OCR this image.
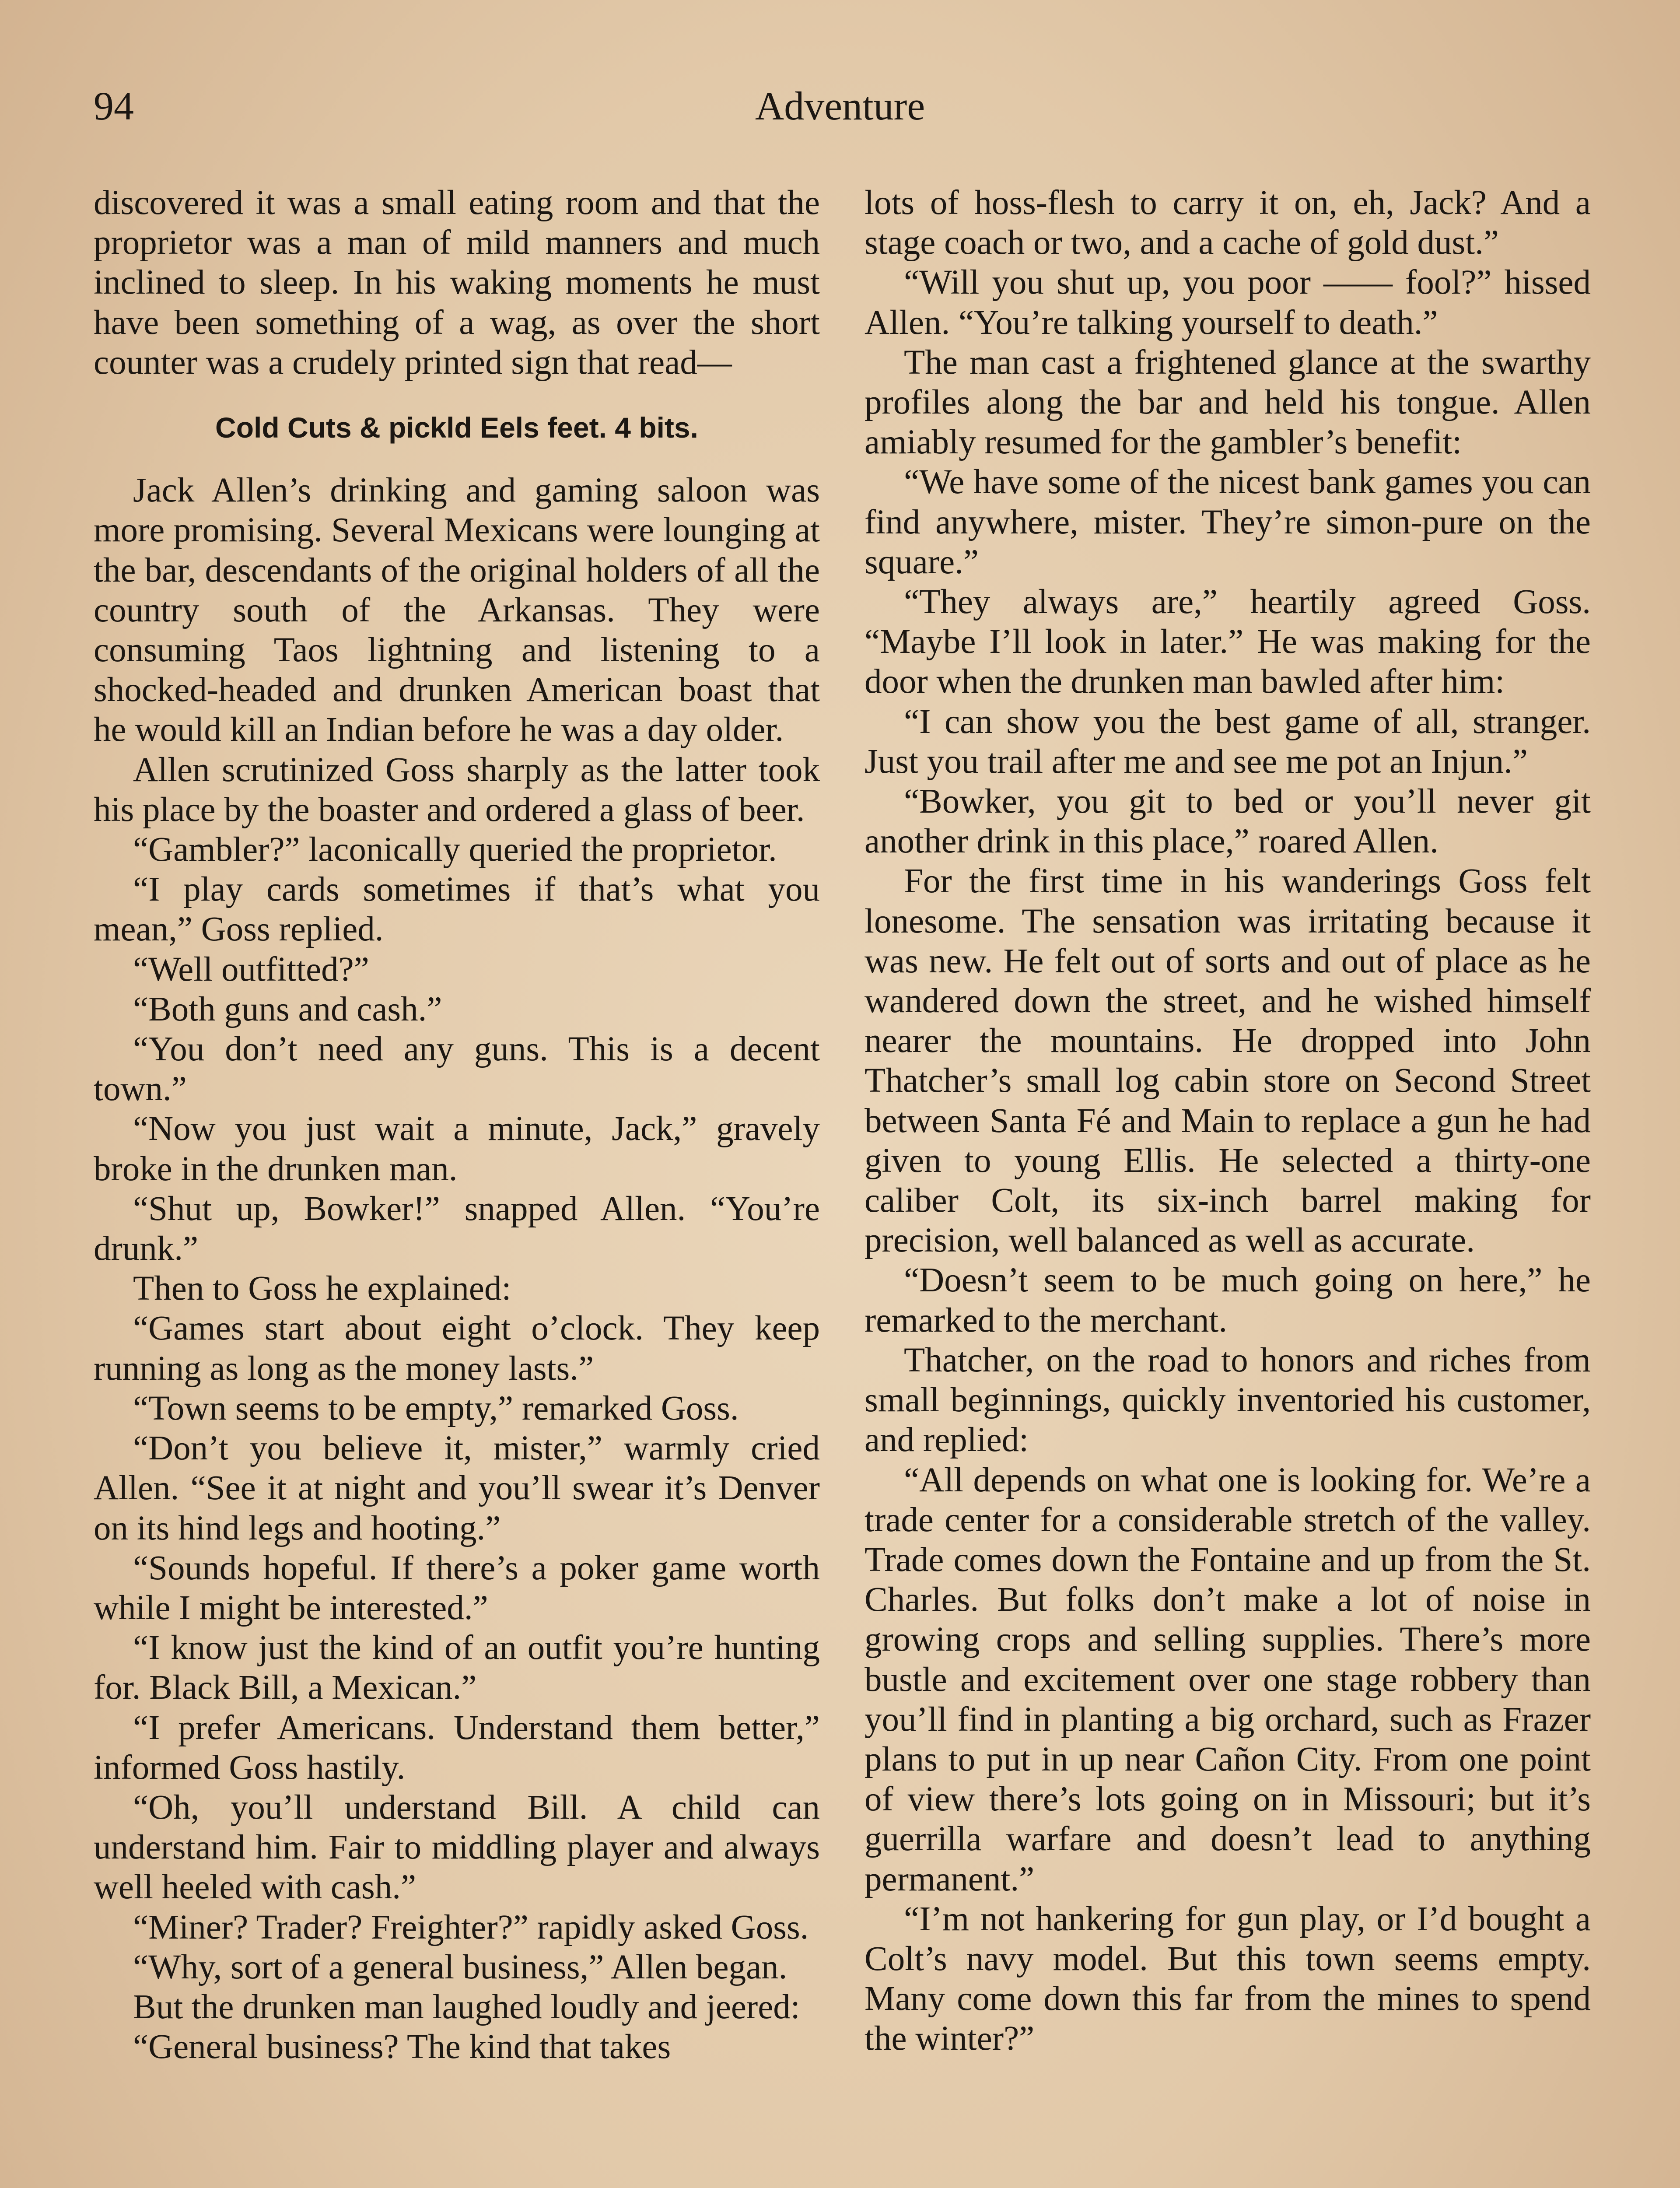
94	Adventure

discovered it was a small eating room and that the proprietor was a man of mild manners and much inclined to sleep. In his waking moments he must have been something of a wag, as over the short counter was a crudely printed sign that read—

Cold Cuts & pickld Eels feet. 4 bits.

Jack Allen’s drinking and gaming saloon was more promising. Several Mexicans were lounging at the bar, descendants of the original holders of all the country south of the Arkansas. They were consuming Taos lightning and listening to a shocked-headed and drunken American boast that he would kill an Indian before he was a day older.

Allen scrutinized Goss sharply as the latter took his place by the boaster and ordered a glass of beer.

“Gambler?” laconically queried the proprietor.

“I play cards sometimes if that’s what you mean,” Goss replied.

“Well outfitted?”

“Both guns and cash.”

“You don’t need any guns. This is a decent town.”

“Now you just wait a minute, Jack,” gravely broke in the drunken man.

“Shut up, Bowker!” snapped Allen. “You’re drunk.”

Then to Goss he explained:

“Games start about eight o’clock. They keep running as long as the money lasts.”

“Town seems to be empty,” remarked Goss.

“Don’t you believe it, mister,” warmly cried Allen. “See it at night and you’ll swear it’s Denver on its hind legs and hooting.”

“Sounds hopeful. If there’s a poker game worth while I might be interested.”

“I know just the kind of an outfit you’re hunting for. Black Bill, a Mexican.”

“I prefer Americans. Understand them better,” informed Goss hastily.

“Oh, you’ll understand Bill. A child can understand him. Fair to middling player and always well heeled with cash.”

“Miner? Trader? Freighter?” rapidly asked Goss.

“Why, sort of a general business,” Allen began.

But the drunken man laughed loudly and jeered:

“General business? The kind that takes

lots of hoss-flesh to carry it on, eh, Jack? And a stage coach or two, and a cache of gold dust.”

“Will you shut up, you poor —— fool?” hissed Allen. “You’re talking yourself to death.”

The man cast a frightened glance at the swarthy profiles along the bar and held his tongue. Allen amiably resumed for the gambler’s benefit:

“We have some of the nicest bank games you can find anywhere, mister. They’re simon-pure on the square.”

“They always are,” heartily agreed Goss. “Maybe I’ll look in later.” He was making for the door when the drunken man bawled after him:

“I can show you the best game of all, stranger. Just you trail after me and see me pot an Injun.”

“Bowker, you git to bed or you’ll never git another drink in this place,” roared Allen.

For the first time in his wanderings Goss felt lonesome. The sensation was irritating because it was new. He felt out of sorts and out of place as he wandered down the street, and he wished himself nearer the mountains. He dropped into John Thatcher’s small log cabin store on Second Street between Santa Fé and Main to replace a gun he had given to young Ellis. He selected a thirty-one caliber Colt, its six-inch barrel making for precision, well balanced as well as accurate.

“Doesn’t seem to be much going on here,” he remarked to the merchant.

Thatcher, on the road to honors and riches from small beginnings, quickly inventoried his customer, and replied:

“All depends on what one is looking for. We’re a trade center for a considerable stretch of the valley. Trade comes down the Fontaine and up from the St. Charles. But folks don’t make a lot of noise in growing crops and selling supplies. There’s more bustle and excitement over one stage robbery than you’ll find in planting a big orchard, such as Frazer plans to put in up near Cañon City. From one point of view there’s lots going on in Missouri; but it’s guerrilla warfare and doesn’t lead to anything permanent.”

“I’m not hankering for gun play, or I’d bought a Colt’s navy model. But this town seems empty. Many come down this far from the mines to spend the winter?”
